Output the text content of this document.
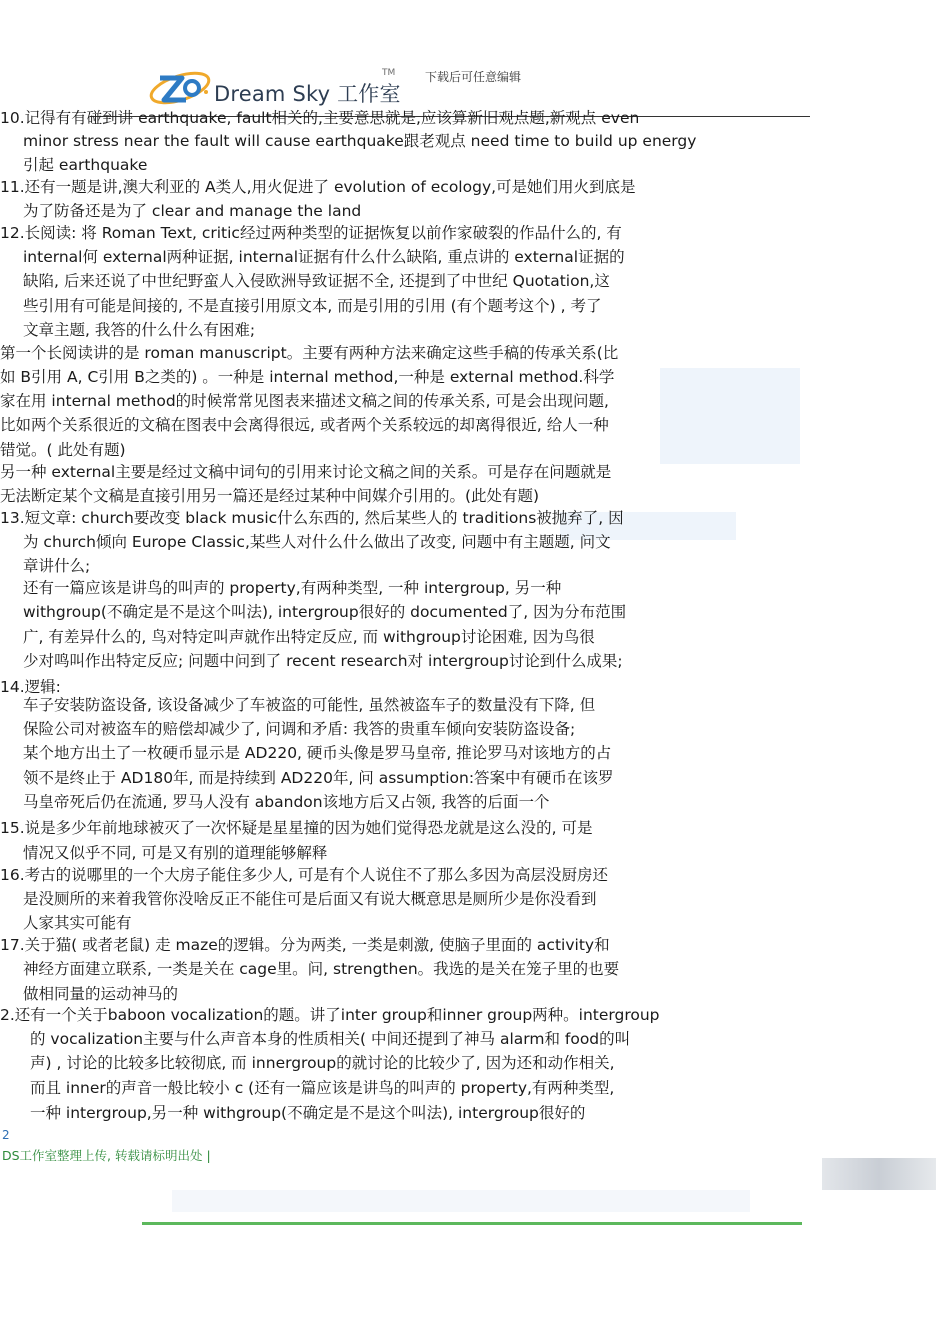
Dream Sky 工作室
TM 下载后可任意编辑
10.记得有有碰到讲 earthquake, fault相关的,主要意思就是,应该算新旧观点题,新观点 even
minor stress near the fault will cause earthquake跟老观点 need time to build up energy
引起 earthquake
11.还有一题是讲,澳大利亚的 A类人,用火促进了 evolution of ecology,可是她们用火到底是
为了防备还是为了 clear and manage the land
12.长阅读: 将 Roman Text, critic经过两种类型的证据恢复以前作家破裂的作品什么的, 有
internal何 external两种证据, internal证据有什么什么缺陷, 重点讲的 external证据的
缺陷, 后来还说了中世纪野蛮人入侵欧洲导致证据不全, 还提到了中世纪 Quotation,这
些引用有可能是间接的, 不是直接引用原文本, 而是引用的引用 (有个题考这个) , 考了
文章主题, 我答的什么什么有困难;
第一个长阅读讲的是 roman manuscript。主要有两种方法来确定这些手稿的传承关系(比
如 B引用 A, C引用 B之类的) 。一种是 internal method,一种是 external method.科学
家在用 internal method的时候常常见图表来描述文稿之间的传承关系, 可是会出现问题,
比如两个关系很近的文稿在图表中会离得很远, 或者两个关系较远的却离得很近, 给人一种
错觉。( 此处有题)
另一种 external主要是经过文稿中词句的引用来讨论文稿之间的关系。可是存在问题就是
无法断定某个文稿是直接引用另一篇还是经过某种中间媒介引用的。(此处有题)
13.短文章: church要改变 black music什么东西的, 然后某些人的 traditions被抛弃了, 因
为 church倾向 Europe Classic,某些人对什么什么做出了改变, 问题中有主题题, 问文
章讲什么;
还有一篇应该是讲鸟的叫声的 property,有两种类型, 一种 intergroup, 另一种
withgroup(不确定是不是这个叫法), intergroup很好的 documented了, 因为分布范围
广, 有差异什么的, 鸟对特定叫声就作出特定反应, 而 withgroup讨论困难, 因为鸟很
少对鸣叫作出特定反应; 问题中问到了 recent research对 intergroup讨论到什么成果;
14.逻辑:
车子安装防盗设备, 该设备减少了车被盗的可能性, 虽然被盗车子的数量没有下降, 但
保险公司对被盗车的赔偿却减少了, 问调和矛盾: 我答的贵重车倾向安装防盗设备;
某个地方出土了一枚硬币显示是 AD220, 硬币头像是罗马皇帝, 推论罗马对该地方的占
领不是终止于 AD180年, 而是持续到 AD220年, 问 assumption:答案中有硬币在该罗
马皇帝死后仍在流通, 罗马人没有 abandon该地方后又占领, 我答的后面一个
15.说是多少年前地球被灭了一次怀疑是星星撞的因为她们觉得恐龙就是这么没的, 可是
情况又似乎不同, 可是又有别的道理能够解释
16.考古的说哪里的一个大房子能住多少人, 可是有个人说住不了那么多因为高层没厨房还
是没厕所的来着我管你没啥反正不能住可是后面又有说大概意思是厕所少是你没看到
人家其实可能有
17.关于猫( 或者老鼠) 走 maze的逻辑。分为两类, 一类是刺激, 使脑子里面的 activity和
神经方面建立联系, 一类是关在 cage里。问, strengthen。我选的是关在笼子里的也要
做相同量的运动神马的
2.还有一个关于baboon vocalization的题。讲了inter group和inner group两种。intergroup
的 vocalization主要与什么声音本身的性质相关( 中间还提到了神马 alarm和 food的叫
声) , 讨论的比较多比较彻底, 而 innergroup的就讨论的比较少了, 因为还和动作相关,
而且 inner的声音一般比较小 c (还有一篇应该是讲鸟的叫声的 property,有两种类型,
一种 intergroup,另一种 withgroup(不确定是不是这个叫法), intergroup很好的
2
DS工作室整理上传, 转载请标明出处 |
